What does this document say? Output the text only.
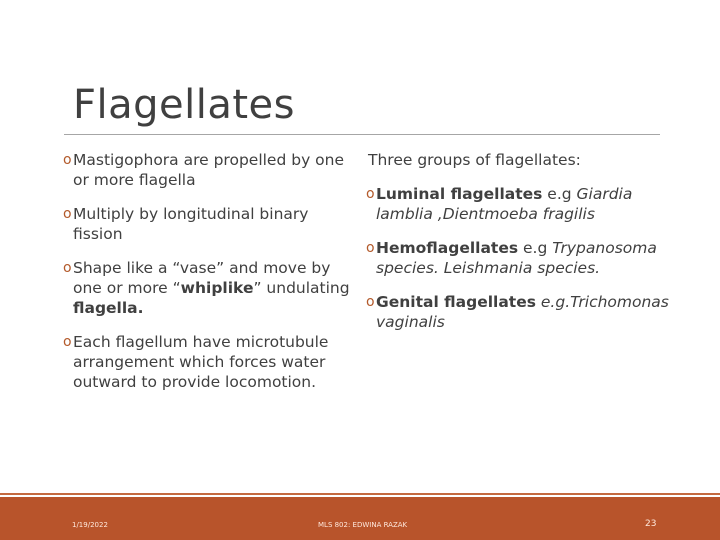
Flagellates
o Mastigophora are propelled by one or more flagella
o Multiply by longitudinal binary fission
o Shape like a “vase” and move by one or more “whiplike” undulating flagella.
o Each flagellum have microtubule arrangement which forces water outward to provide locomotion.
Three groups of flagellates:
o Luminal flagellates e.g Giardia lamblia ,Dientmoeba fragilis
o Hemoflagellates e.g Trypanosoma species. Leishmania species.
o Genital flagellates e.g.Trichomonas vaginalis
1/19/2022	MLS 802: EDWINA RAZAK	23
